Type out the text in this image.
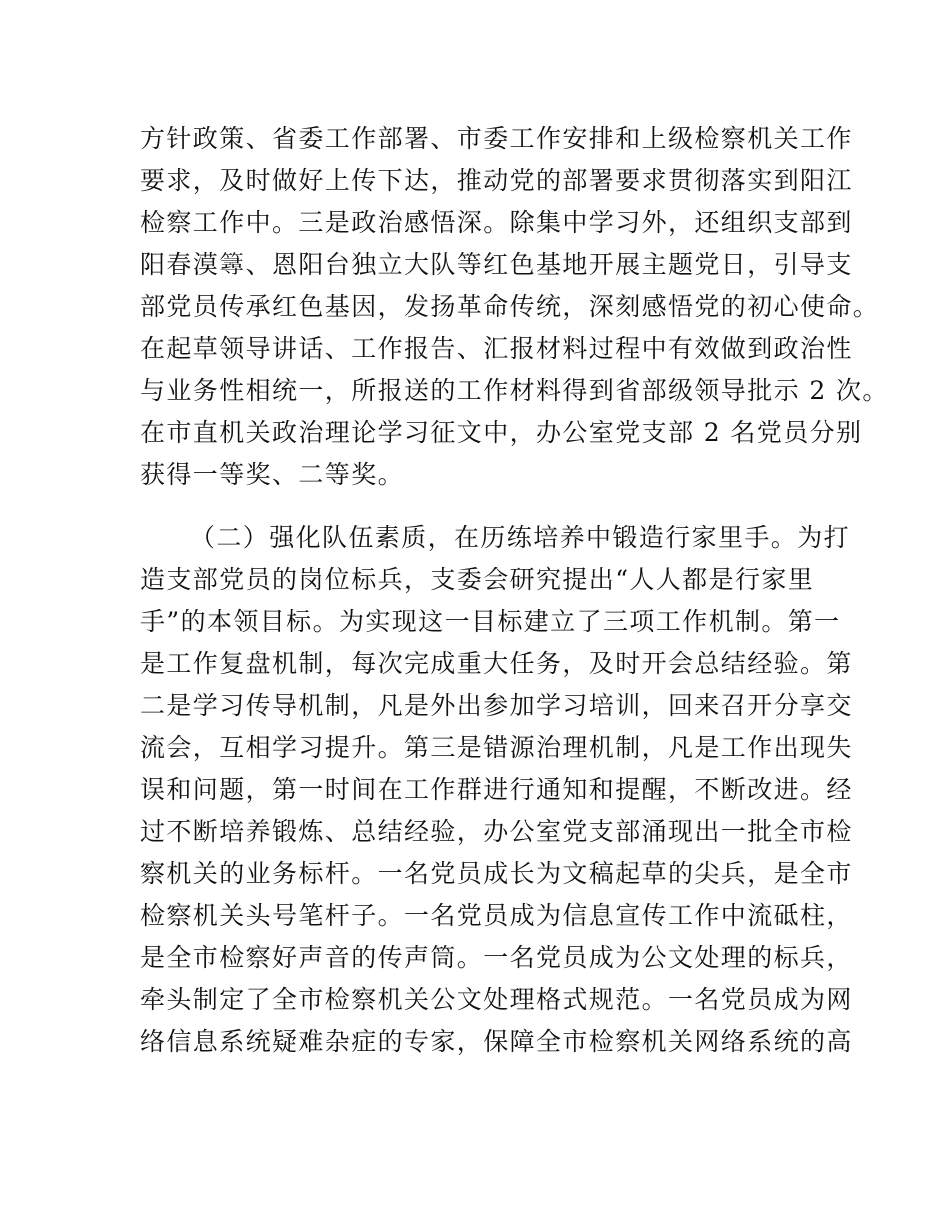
方针政策、省委工作部署、市委工作安排和上级检察机关工作
要求，及时做好上传下达，推动党的部署要求贯彻落实到阳江
检察工作中。三是政治感悟深。除集中学习外，还组织支部到
阳春漠𥳍、恩阳台独立大队等红色基地开展主题党日，引导支
部党员传承红色基因，发扬革命传统，深刻感悟党的初心使命。
在起草领导讲话、工作报告、汇报材料过程中有效做到政治性
与业务性相统一，所报送的工作材料得到省部级领导批示 2 次。
在市直机关政治理论学习征文中，办公室党支部 2 名党员分别
获得一等奖、二等奖。
（二）强化队伍素质，在历练培养中锻造行家里手。为打
造支部党员的岗位标兵，支委会研究提出“人人都是行家里
手”的本领目标。为实现这一目标建立了三项工作机制。第一
是工作复盘机制，每次完成重大任务，及时开会总结经验。第
二是学习传导机制，凡是外出参加学习培训，回来召开分享交
流会，互相学习提升。第三是错源治理机制，凡是工作出现失
误和问题，第一时间在工作群进行通知和提醒，不断改进。经
过不断培养锻炼、总结经验，办公室党支部涌现出一批全市检
察机关的业务标杆。一名党员成长为文稿起草的尖兵，是全市
检察机关头号笔杆子。一名党员成为信息宣传工作中流砥柱，
是全市检察好声音的传声筒。一名党员成为公文处理的标兵，
牵头制定了全市检察机关公文处理格式规范。一名党员成为网
络信息系统疑难杂症的专家，保障全市检察机关网络系统的高
